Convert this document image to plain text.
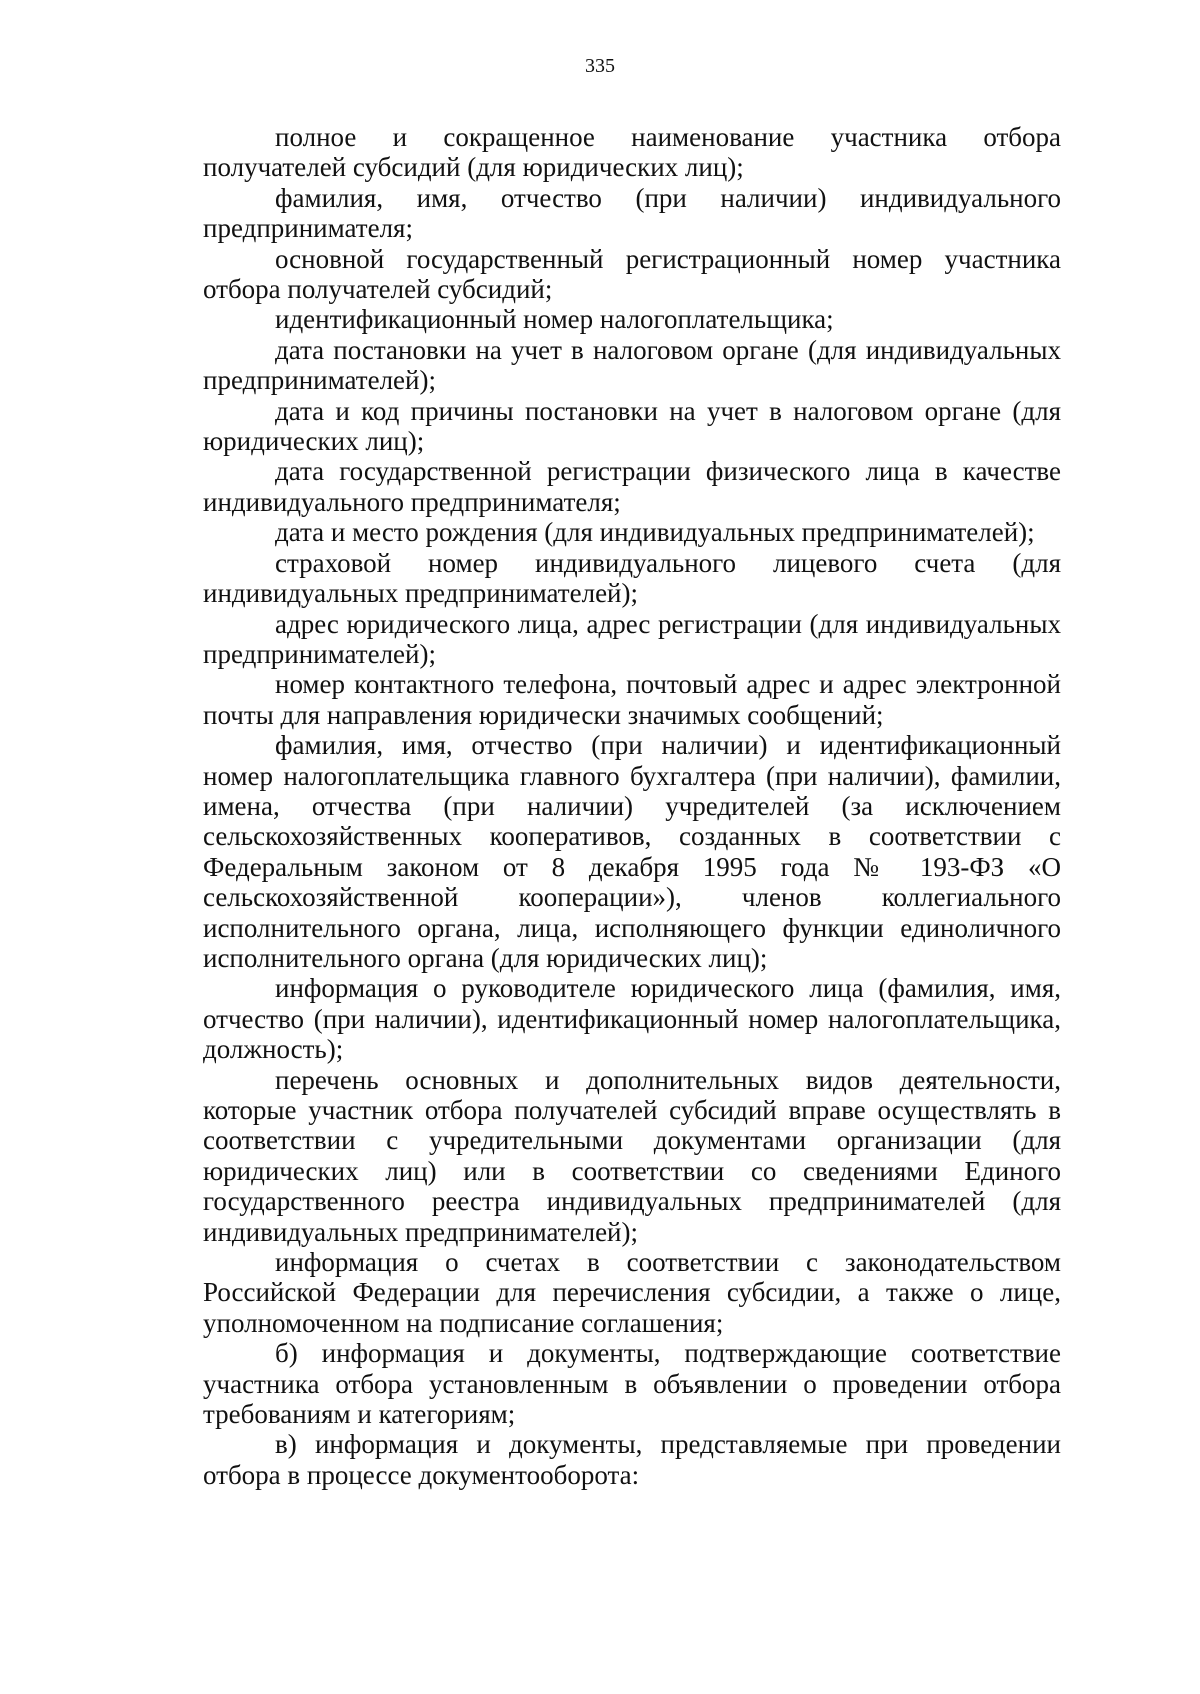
335

полное и сокращенное наименование участника отбора получателей субсидий (для юридических лиц);

фамилия, имя, отчество (при наличии) индивидуального предпринимателя;

основной государственный регистрационный номер участника отбора получателей субсидий;

идентификационный номер налогоплательщика;

дата постановки на учет в налоговом органе (для индивидуальных предпринимателей);

дата и код причины постановки на учет в налоговом органе (для юридических лиц);

дата государственной регистрации физического лица в качестве индивидуального предпринимателя;

дата и место рождения (для индивидуальных предпринимателей);

страховой номер индивидуального лицевого счета (для индивидуальных предпринимателей);

адрес юридического лица, адрес регистрации (для индивидуальных предпринимателей);

номер контактного телефона, почтовый адрес и адрес электронной почты для направления юридически значимых сообщений;

фамилия, имя, отчество (при наличии) и идентификационный номер налогоплательщика главного бухгалтера (при наличии), фамилии, имена, отчества (при наличии) учредителей (за исключением сельскохозяйственных кооперативов, созданных в соответствии с Федеральным законом от 8 декабря 1995 года № 193-ФЗ «О сельскохозяйственной кооперации»), членов коллегиального исполнительного органа, лица, исполняющего функции единоличного исполнительного органа (для юридических лиц);

информация о руководителе юридического лица (фамилия, имя, отчество (при наличии), идентификационный номер налогоплательщика, должность);

перечень основных и дополнительных видов деятельности, которые участник отбора получателей субсидий вправе осуществлять в соответствии с учредительными документами организации (для юридических лиц) или в соответствии со сведениями Единого государственного реестра индивидуальных предпринимателей (для индивидуальных предпринимателей);

информация о счетах в соответствии с законодательством Российской Федерации для перечисления субсидии, а также о лице, уполномоченном на подписание соглашения;

б) информация и документы, подтверждающие соответствие участника отбора установленным в объявлении о проведении отбора требованиям и категориям;

в) информация и документы, представляемые при проведении отбора в процессе документооборота:
